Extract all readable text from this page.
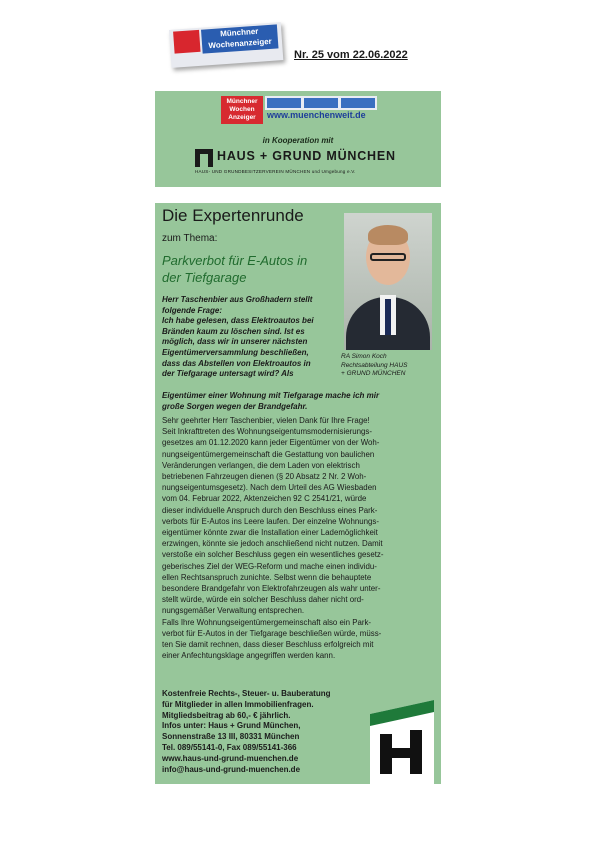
Münchner
Wochenanzeiger
Nr. 25 vom 22.06.2022
Münchner Wochen Anzeiger	www.muenchenweit.de
in Kooperation mit
HAUS + GRUND MÜNCHEN
HAUS- UND GRUNDBESITZERVEREIN MÜNCHEN und Umgebung e.V.
Die Expertenrunde
zum Thema:
Parkverbot für E-Autos in
der Tiefgarage
RA Simon Koch
Rechtsabteilung HAUS
+ GRUND MÜNCHEN
Herr Taschenbier aus Großhadern stellt
folgende Frage:
Ich habe gelesen, dass Elektroautos bei
Bränden kaum zu löschen sind. Ist es
möglich, dass wir in unserer nächsten
Eigentümerversammlung beschließen,
dass das Abstellen von Elektroautos in
der Tiefgarage untersagt wird? Als
Eigentümer einer Wohnung mit Tiefgarage mache ich mir
große Sorgen wegen der Brandgefahr.
Sehr geehrter Herr Taschenbier, vielen Dank für Ihre Frage!
Seit Inkrafttreten des Wohnungseigentumsmodernisierungs-
gesetzes am 01.12.2020 kann jeder Eigentümer von der Woh-
nungseigentümergemeinschaft die Gestattung von baulichen
Veränderungen verlangen, die dem Laden von elektrisch
betriebenen Fahrzeugen dienen (§ 20 Absatz 2 Nr. 2 Woh-
nungseigentumsgesetz). Nach dem Urteil des AG Wiesbaden
vom 04. Februar 2022, Aktenzeichen 92 C 2541/21, würde
dieser individuelle Anspruch durch den Beschluss eines Park-
verbots für E-Autos ins Leere laufen. Der einzelne Wohnungs-
eigentümer könnte zwar die Installation einer Lademöglichkeit
erzwingen, könnte sie jedoch anschließend nicht nutzen. Damit
verstoße ein solcher Beschluss gegen ein wesentliches gesetz-
geberisches Ziel der WEG-Reform und mache einen individu-
ellen Rechtsanspruch zunichte. Selbst wenn die behauptete
besondere Brandgefahr von Elektrofahrzeugen als wahr unter-
stellt würde, würde ein solcher Beschluss daher nicht ord-
nungsgemäßer Verwaltung entsprechen.
Falls Ihre Wohnungseigentümergemeinschaft also ein Park-
verbot für E-Autos in der Tiefgarage beschließen würde, müss-
ten Sie damit rechnen, dass dieser Beschluss erfolgreich mit
einer Anfechtungsklage angegriffen werden kann.
Kostenfreie Rechts-, Steuer- u. Bauberatung
für Mitglieder in allen Immobilienfragen.
Mitgliedsbeitrag ab 60,- € jährlich.
Infos unter: Haus + Grund München,
Sonnenstraße 13 III, 80331 München
Tel. 089/55141-0, Fax 089/55141-366
www.haus-und-grund-muenchen.de
info@haus-und-grund-muenchen.de
